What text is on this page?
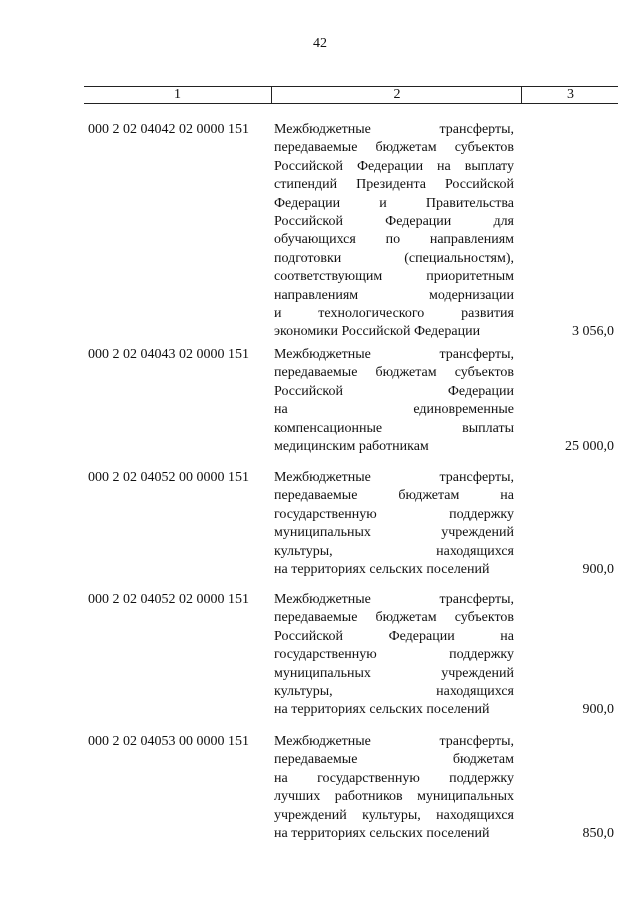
42
1	2	3
000 2 02 04042 02 0000 151 Межбюджетные трансферты,
передаваемые бюджетам субъектов
Российской Федерации на выплату
стипендий Президента Российской
Федерации и Правительства
Российской Федерации для
обучающихся по направлениям
подготовки (специальностям),
соответствующим приоритетным
направлениям модернизации
и технологического развития
экономики Российской Федерации	3 056,0
000 2 02 04043 02 0000 151 Межбюджетные трансферты,
передаваемые бюджетам субъектов
Российской Федерации
на единовременные
компенсационные выплаты
медицинским работникам	25 000,0
000 2 02 04052 00 0000 151 Межбюджетные трансферты,
передаваемые бюджетам на
государственную поддержку
муниципальных учреждений
культуры, находящихся
на территориях сельских поселений	900,0
000 2 02 04052 02 0000 151 Межбюджетные трансферты,
передаваемые бюджетам субъектов
Российской Федерации на
государственную поддержку
муниципальных учреждений
культуры, находящихся
на территориях сельских поселений	900,0
000 2 02 04053 00 0000 151 Межбюджетные трансферты,
передаваемые бюджетам
на государственную поддержку
лучших работников муниципальных
учреждений культуры, находящихся
на территориях сельских поселений	850,0
